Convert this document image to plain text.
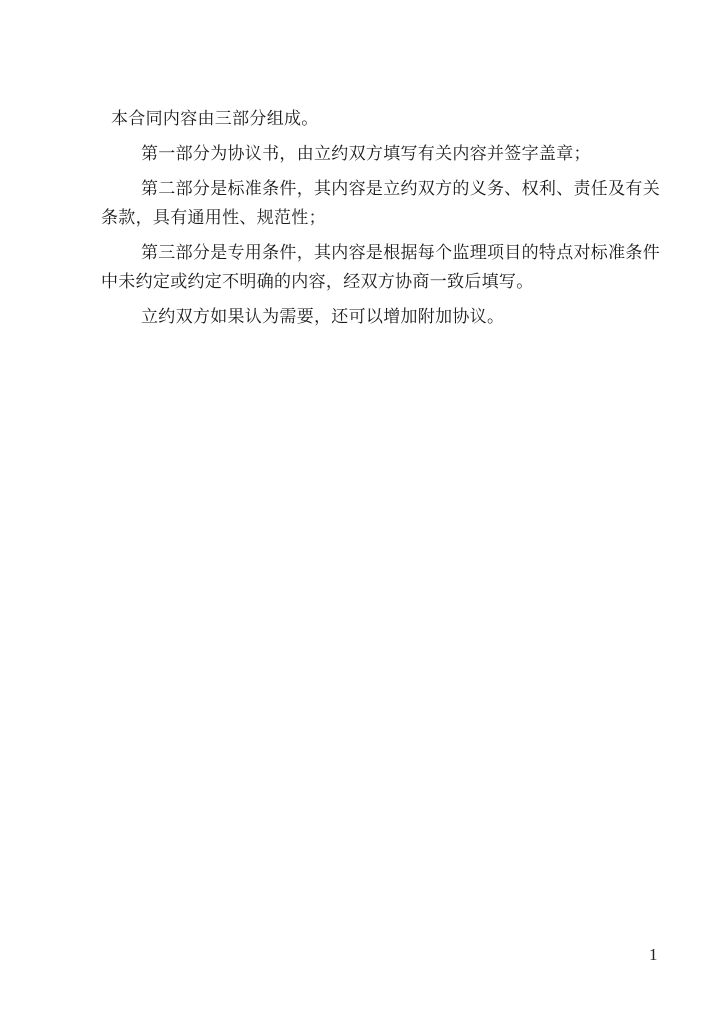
本合同内容由三部分组成。
第一部分为协议书，由立约双方填写有关内容并签字盖章；
第二部分是标准条件，其内容是立约双方的义务、权利、责任及有关
条款，具有通用性、规范性；
第三部分是专用条件，其内容是根据每个监理项目的特点对标准条件
中未约定或约定不明确的内容，经双方协商一致后填写。
立约双方如果认为需要，还可以增加附加协议。
1
